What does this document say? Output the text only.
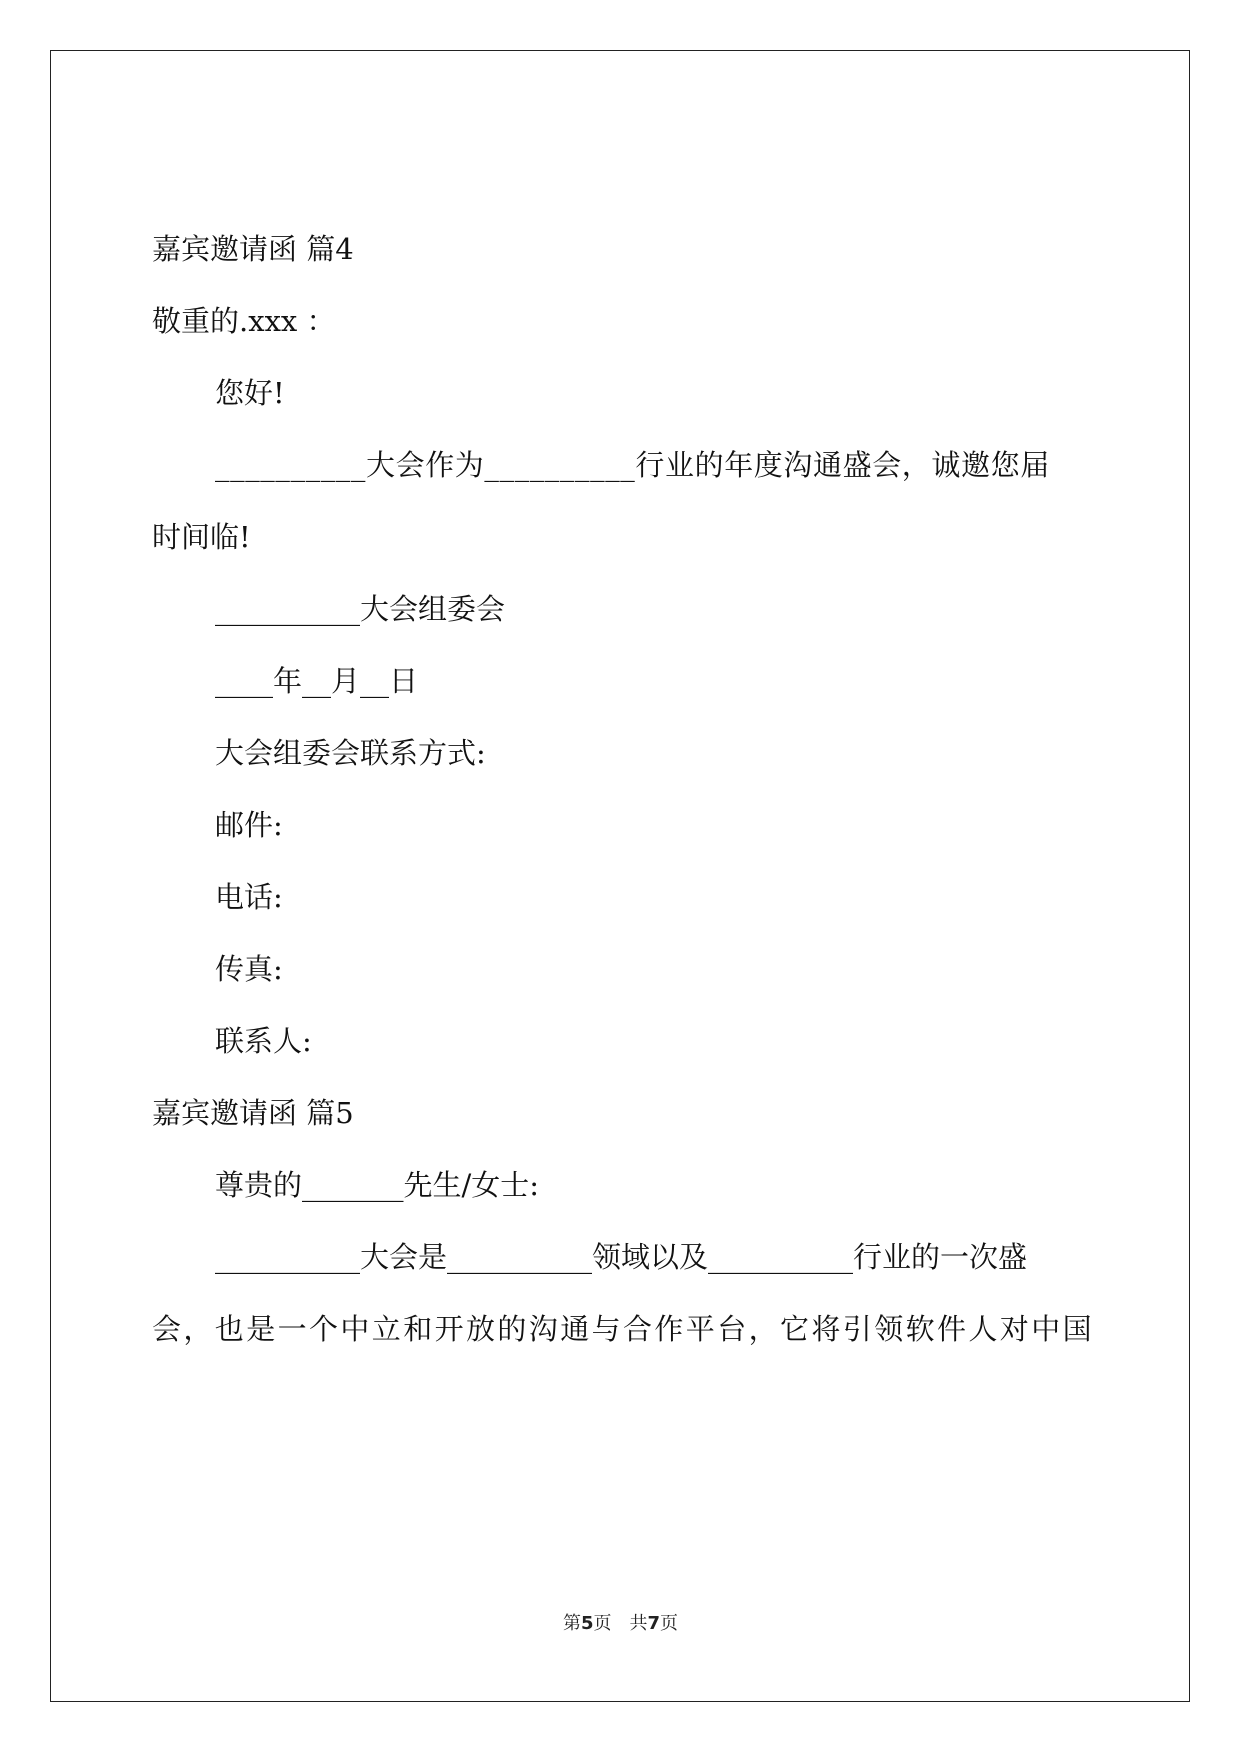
嘉宾邀请函 篇4
敬重的.xxx ：
您好!
__________大会作为__________行业的年度沟通盛会，诚邀您届
时间临!
__________大会组委会
____年__月__日
大会组委会联系方式:
邮件:
电话:
传真:
联系人:
嘉宾邀请函 篇5
尊贵的_______先生/女士:
__________大会是__________领域以及__________行业的一次盛
会，也是一个中立和开放的沟通与合作平台，它将引领软件人对中国
第5页　共7页
